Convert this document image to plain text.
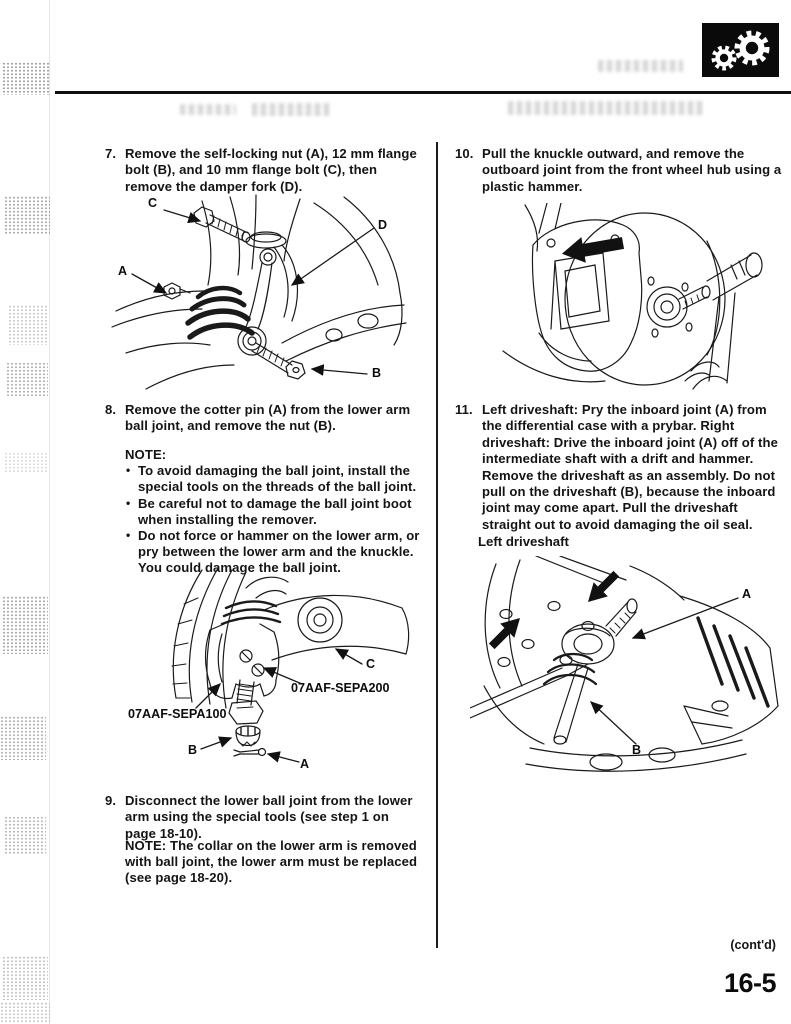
7. Remove the self-locking nut (A), 12 mm flange bolt (B), and 10 mm flange bolt (C), then remove the damper fork (D).
C
D
A
B
8. Remove the cotter pin (A) from the lower arm ball joint, and remove the nut (B).
NOTE:
• To avoid damaging the ball joint, install the special tools on the threads of the ball joint.
• Be careful not to damage the ball joint boot when installing the remover.
• Do not force or hammer on the lower arm, or pry between the lower arm and the knuckle. You could damage the ball joint.
07AAF-SEPA100
07AAF-SEPA200
C
B
A
9. Disconnect the lower ball joint from the lower arm using the special tools (see step 1 on page 18-10).
NOTE: The collar on the lower arm is removed with ball joint, the lower arm must be replaced (see page 18-20).
10. Pull the knuckle outward, and remove the outboard joint from the front wheel hub using a plastic hammer.
11. Left driveshaft: Pry the inboard joint (A) from the differential case with a prybar. Right driveshaft: Drive the inboard joint (A) off of the intermediate shaft with a drift and hammer. Remove the driveshaft as an assembly. Do not pull on the driveshaft (B), because the inboard joint may come apart. Pull the driveshaft straight out to avoid damaging the oil seal.
Left driveshaft
A
B
(cont'd)
16-5
